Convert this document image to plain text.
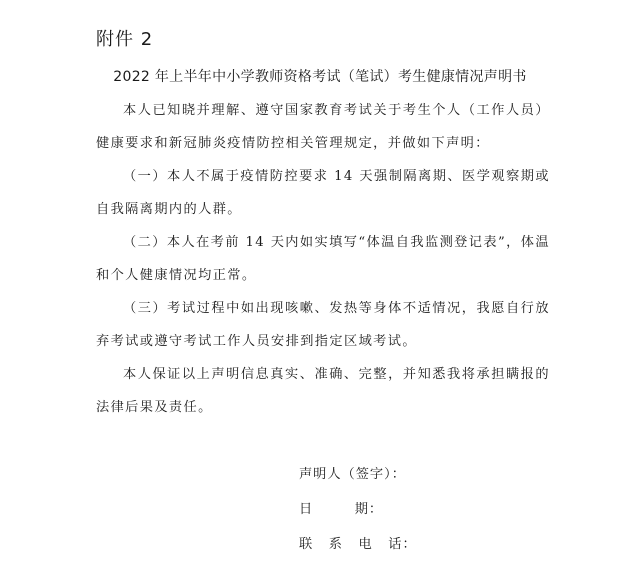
附件 2
2022 年上半年中小学教师资格考试（笔试）考生健康情况声明书

本人已知晓并理解、遵守国家教育考试关于考生个人（工作人员）健康要求和新冠肺炎疫情防控相关管理规定，并做如下声明：

（一）本人不属于疫情防控要求 14 天强制隔离期、医学观察期或自我隔离期内的人群。

（二）本人在考前 14 天内如实填写“体温自我监测登记表”，体温和个人健康情况均正常。

（三）考试过程中如出现咳嗽、发热等身体不适情况，我愿自行放弃考试或遵守考试工作人员安排到指定区域考试。

本人保证以上声明信息真实、准确、完整，并知悉我将承担瞒报的法律后果及责任。

声明人（签字）：
日        期：
联   系   电   话：
